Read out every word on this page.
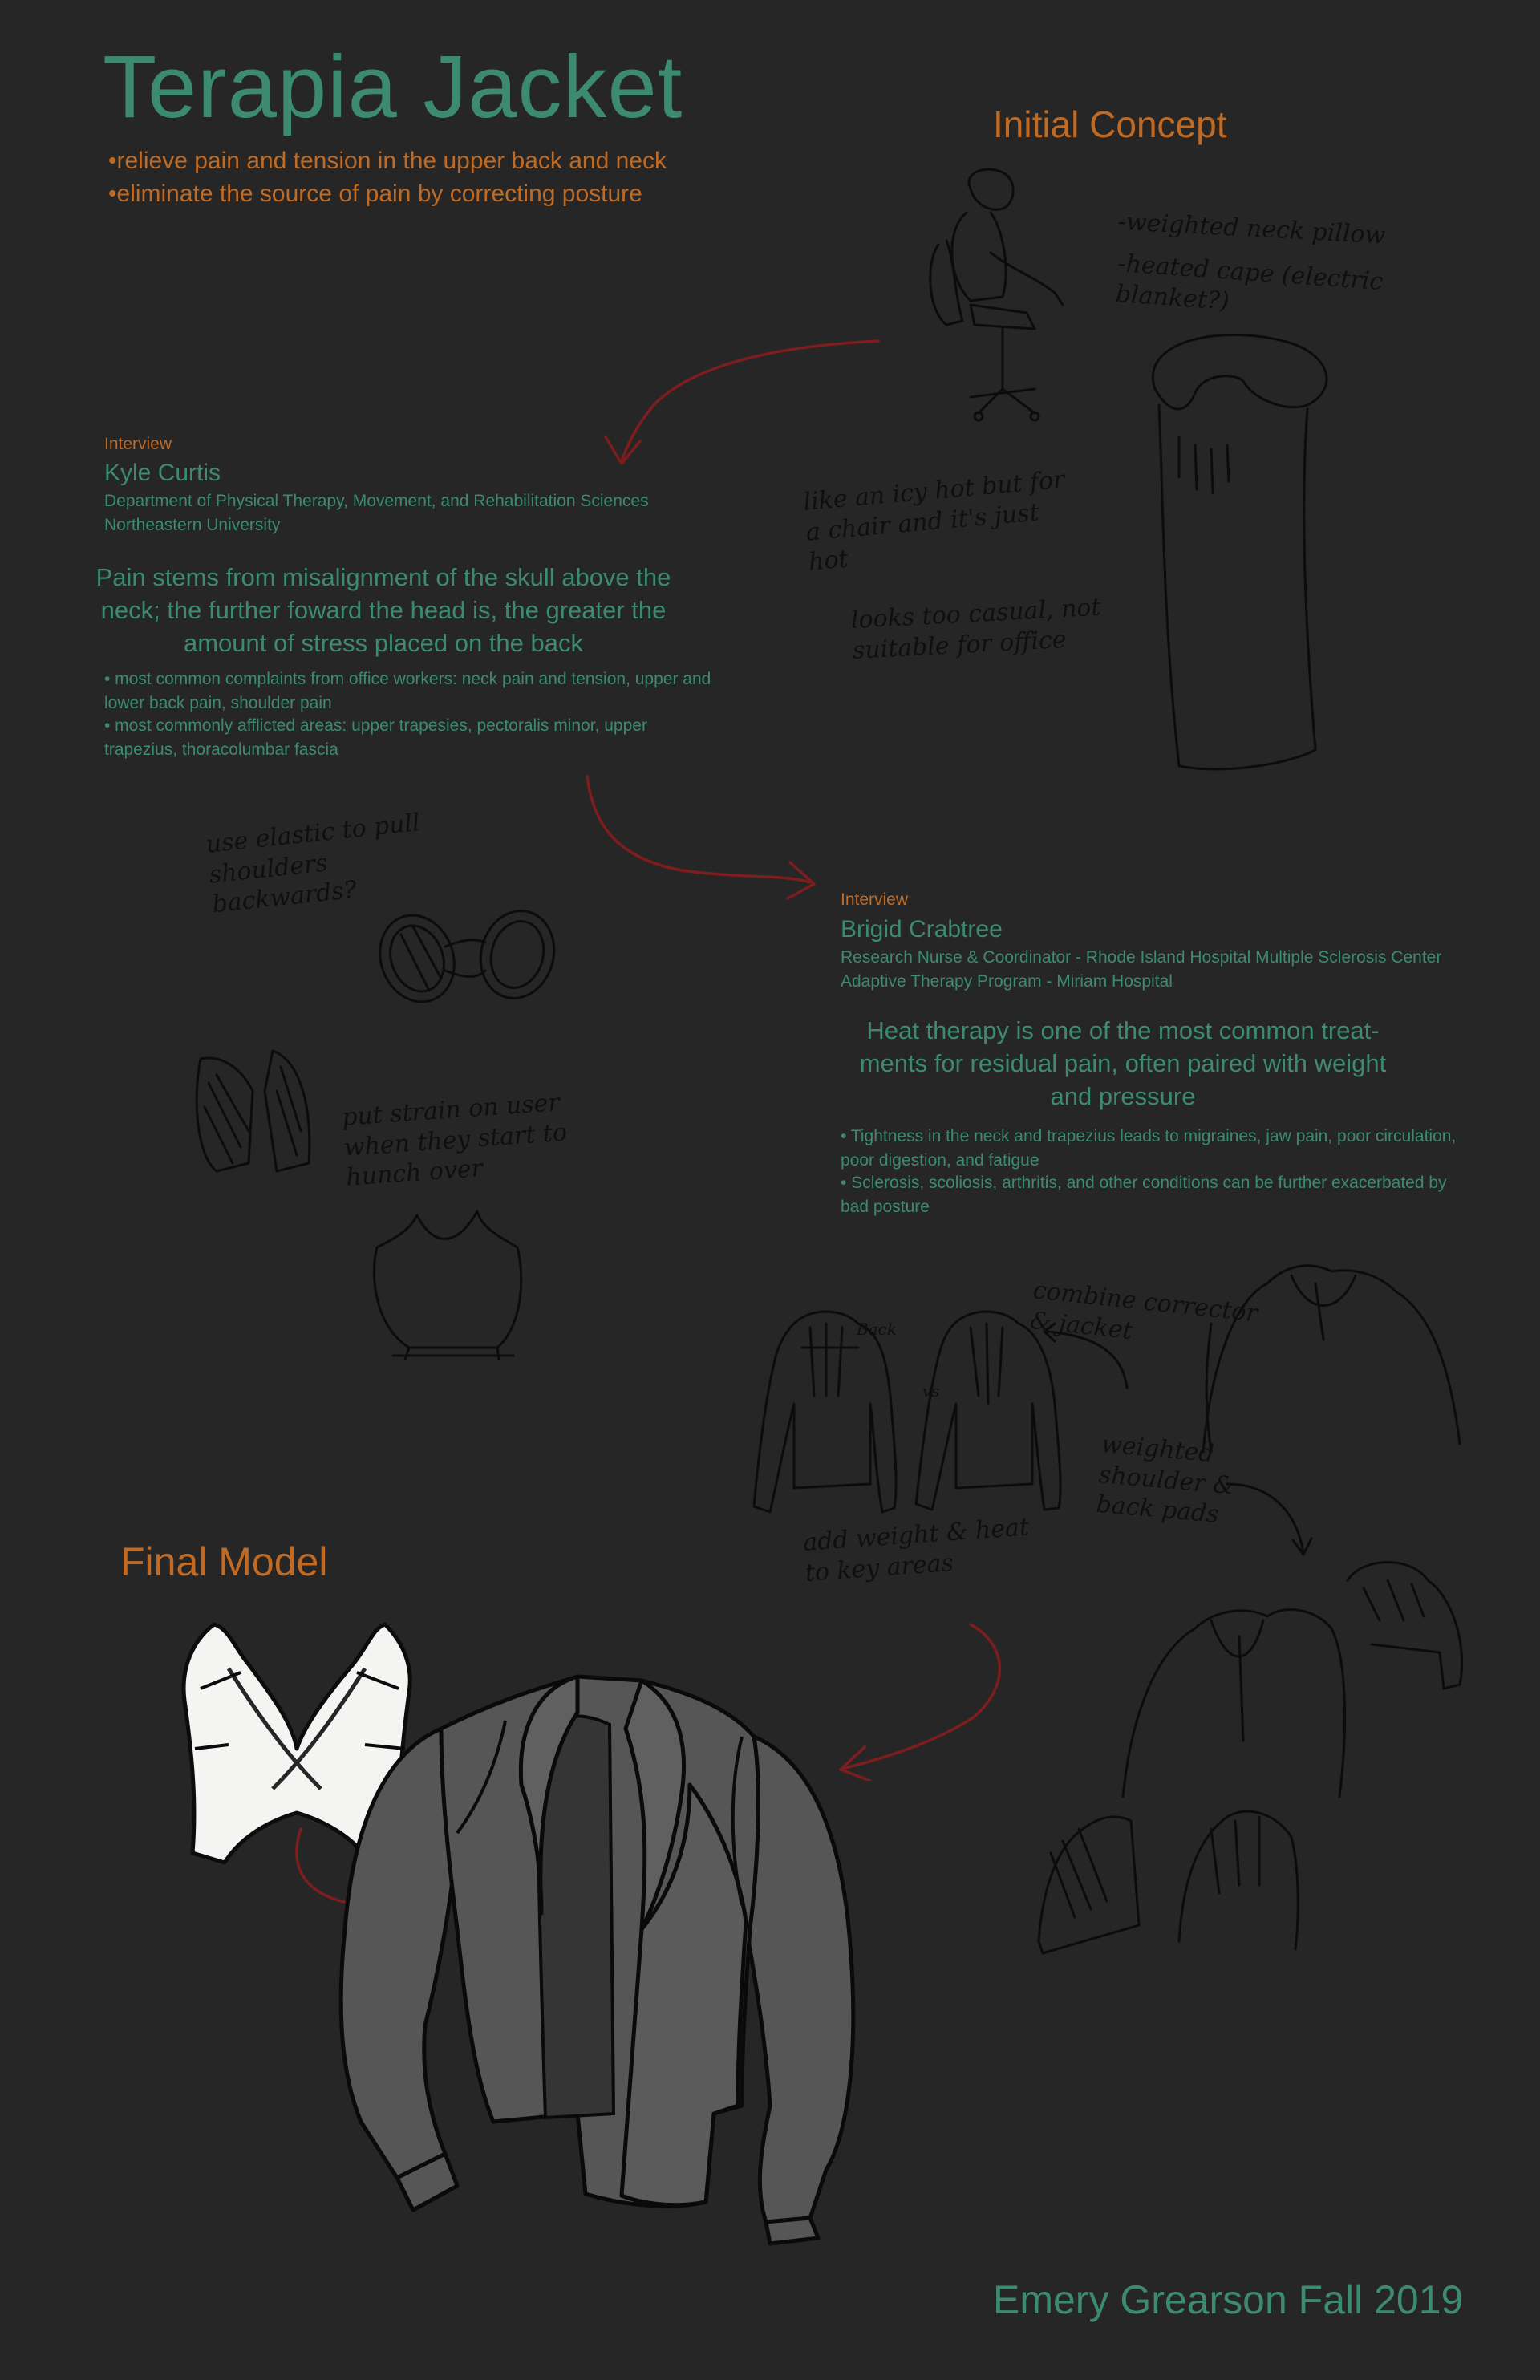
Terapia Jacket
•relieve pain and tension in the upper back and neck
•eliminate the source of pain by correcting posture
Initial Concept
-weighted neck pillow
-heated cape (electric blanket?)
like an icy hot but for a chair and it's just hot
looks too casual, not suitable for office
Interview
Kyle Curtis
Department of Physical Therapy, Movement, and Rehabilitation Sciences
Northeastern University
Pain stems from misalignment of the skull above the neck; the further foward the head is, the greater the amount of stress placed on the back
• most common complaints from office workers: neck pain and tension, upper and lower back pain, shoulder pain
• most commonly afflicted areas: upper trapesies, pectoralis minor, upper trapezius, thoracolumbar fascia
use elastic to pull shoulders backwards?
put strain on user when they start to hunch over
Interview
Brigid Crabtree
Research Nurse & Coordinator - Rhode Island Hospital Multiple Sclerosis Center
Adaptive Therapy Program - Miriam Hospital
Heat therapy is one of the most common treat- ments for residual pain, often paired with weight and pressure
• Tightness in the neck and trapezius leads to migraines, jaw pain, poor circulation, poor digestion, and fatigue
• Sclerosis, scoliosis, arthritis, and other conditions can be further exacerbated by bad posture
Back
vs
combine corrector & jacket
weighted shoulder & back pads
add weight & heat to key areas
Final Model
Emery Grearson Fall 2019
